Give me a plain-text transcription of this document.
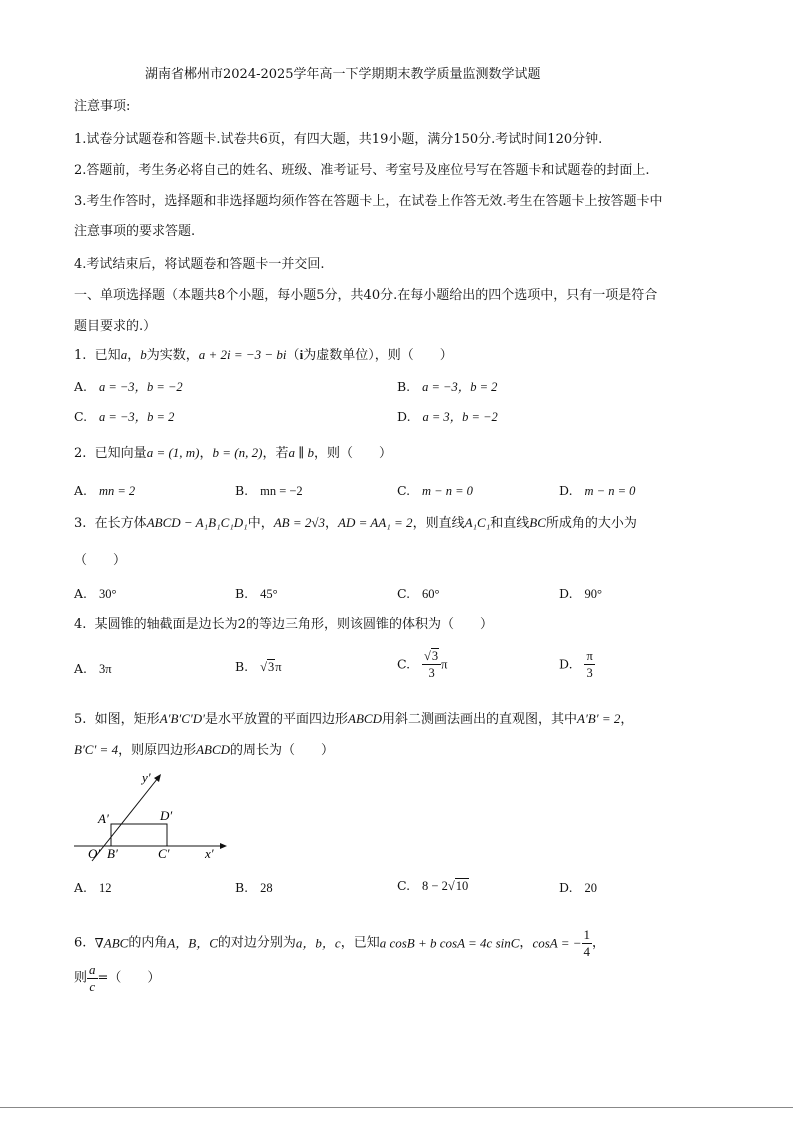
湖南省郴州市2024-2025学年高一下学期期末教学质量监测数学试题
注意事项:
1.试卷分试题卷和答题卡.试卷共6页，有四大题，共19小题，满分150分.考试时间120分钟.
2.答题前，考生务必将自己的姓名、班级、准考证号、考室号及座位号写在答题卡和试题卷的封面上.
3.考生作答时，选择题和非选择题均须作答在答题卡上，在试卷上作答无效.考生在答题卡上按答题卡中
注意事项的要求答题.
4.考试结束后，将试题卷和答题卡一并交回.
一、单项选择题（本题共8个小题，每小题5分，共40分.在每小题给出的四个选项中，只有一项是符合
题目要求的.）
1. 已知a，b为实数，a + 2i = −3 − bi（i为虚数单位），则（　　）
A. a = −3，b = −2	B. a = −3，b = 2
C. a = −3，b = 2	D. a = 3，b = −2
2. 已知向量a = (1, m)，b = (n, 2)，若a ∥ b，则（　　）
A. mn = 2	B. mn = −2	C. m − n = 0	D. m − n = 0
3. 在长方体ABCD − A₁B₁C₁D₁中，AB = 2√3，AD = AA₁ = 2，则直线A₁C₁和直线BC所成角的大小为
（　　）
A. 30°	B. 45°	C. 60°	D. 90°
4. 某圆锥的轴截面是边长为2的等边三角形，则该圆锥的体积为（　　）
A. 3π	B. √3π	C. $\frac{√3}{3}$ π	D. $\frac{\pi}{3}$
5. 如图，矩形A′B′C′D′是水平放置的平面四边形ABCD用斜二测画法画出的直观图，其中A′B′ = 2，
B′C′ = 4，则原四边形ABCD的周长为（　　）
y′
x′
O′
A′
B′	C′
D′
A. 12	B. 28	C. 8 − 2√10	D. 20
6. ∇ABC的内角A，B，C的对边分别为a，b，c，已知a cosB + b cosA = 4c sinC，cosA = − $\frac{1}{4}$ ，
则 $\frac{a}{c}$ =（　　）
